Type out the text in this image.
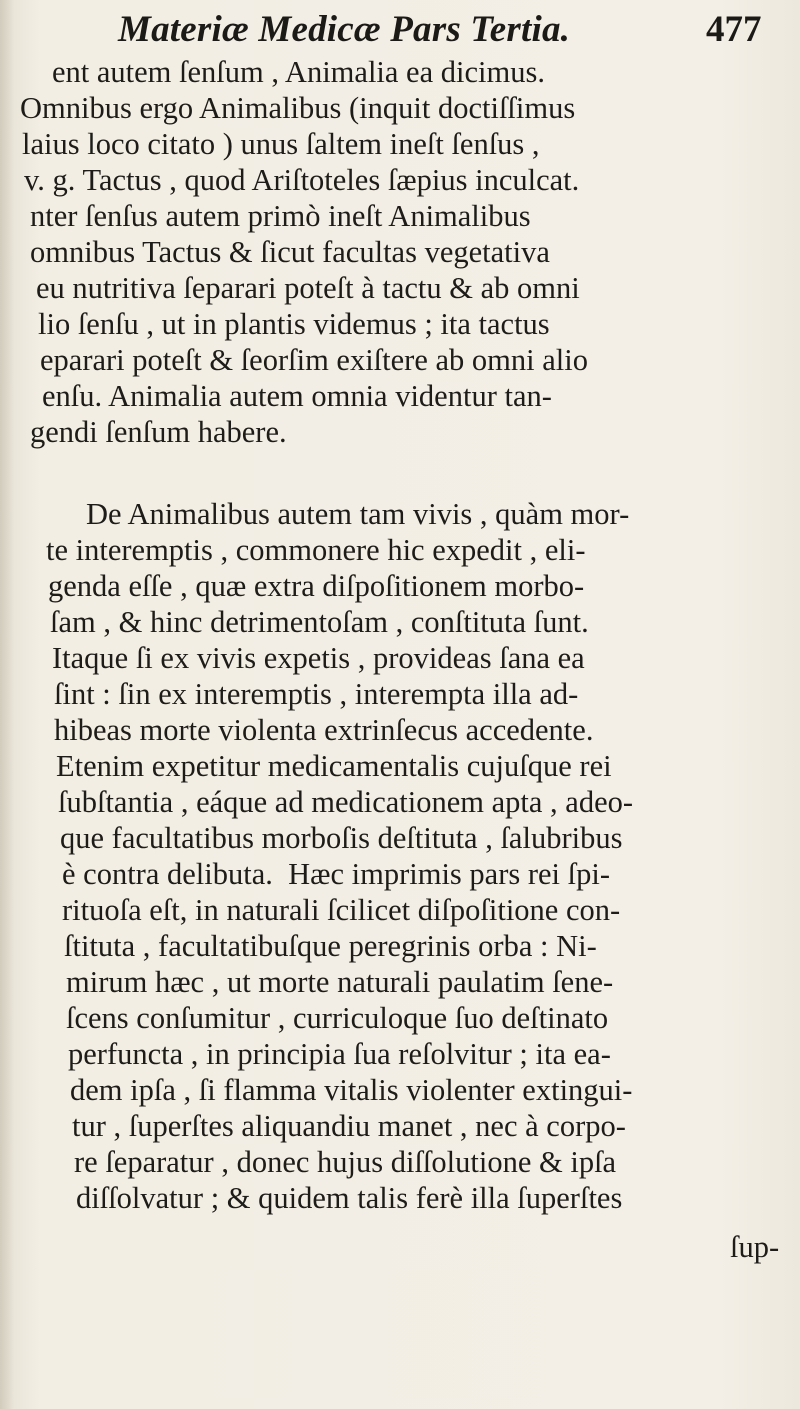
Materiæ Medicæ Pars Tertia.	477
ent autem ſenſum , Animalia ea dicimus.
Omnibus ergo Animalibus (inquit doctiſſimus
laius loco citato ) unus ſaltem ineſt ſenſus ,
v. g. Tactus , quod Ariſtoteles ſæpius inculcat.
nter ſenſus autem primò ineſt Animalibus
omnibus Tactus & ſicut facultas vegetativa
eu nutritiva ſeparari poteſt à tactu & ab omni
lio ſenſu , ut in plantis videmus ; ita tactus
eparari poteſt & ſeorſim exiſtere ab omni alio
enſu. Animalia autem omnia videntur tan-
gendi ſenſum habere.
De Animalibus autem tam vivis , quàm mor-
te interemptis , commonere hic expedit , eli-
genda eſſe , quæ extra diſpoſitionem morbo-
ſam , & hinc detrimentoſam , conſtituta ſunt.
Itaque ſi ex vivis expetis , provideas ſana ea
ſint : ſin ex interemptis , interempta illa ad-
hibeas morte violenta extrinſecus accedente.
Etenim expetitur medicamentalis cujuſque rei
ſubſtantia , eáque ad medicationem apta , adeo-
que facultatibus morboſis deſtituta , ſalubribus
è contra delibuta.  Hæc imprimis pars rei ſpi-
rituoſa eſt, in naturali ſcilicet diſpoſitione con-
ſtituta , facultatibuſque peregrinis orba : Ni-
mirum hæc , ut morte naturali paulatim ſene-
ſcens conſumitur , curriculoque ſuo deſtinato
perfuncta , in principia ſua reſolvitur ; ita ea-
dem ipſa , ſi flamma vitalis violenter extingui-
tur , ſuperſtes aliquandiu manet , nec à corpo-
re ſeparatur , donec hujus diſſolutione & ipſa
diſſolvatur ; & quidem talis ferè illa ſuperſtes
ſup-
